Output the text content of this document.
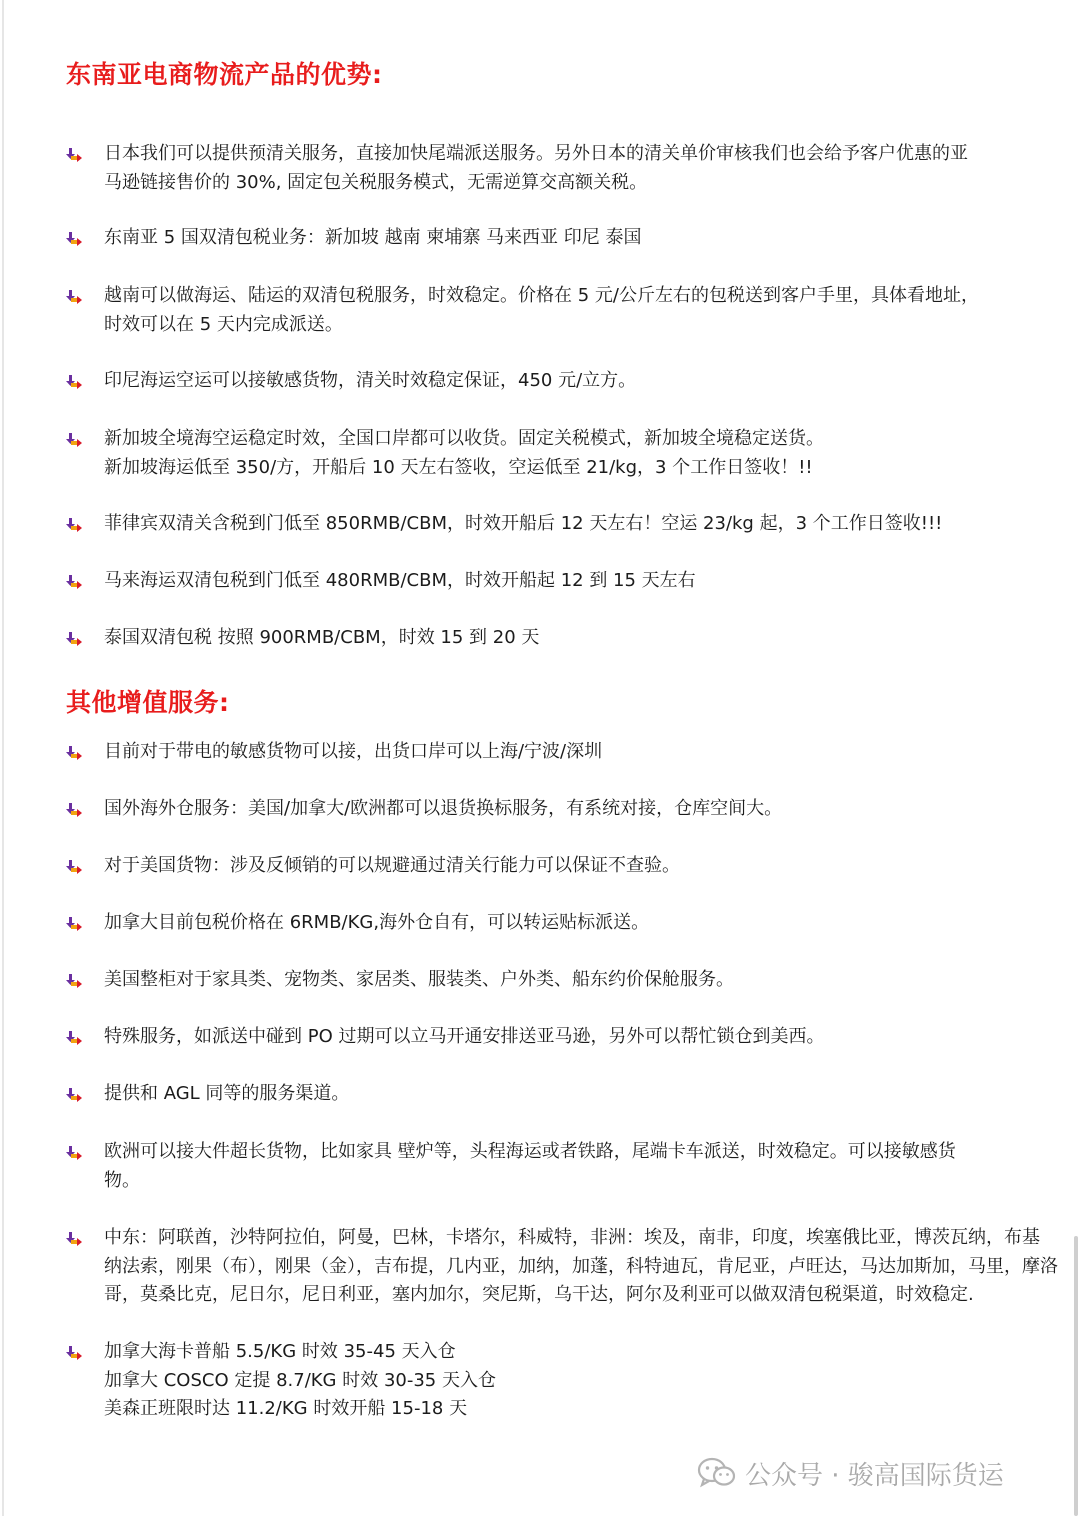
东南亚电商物流产品的优势:
其他增值服务:
日本我们可以提供预清关服务，直接加快尾端派送服务。另外日本的清关单价审核我们也会给予客户优惠的亚
马逊链接售价的 30%, 固定包关税服务模式，无需逆算交高额关税。
东南亚 5 国双清包税业务：新加坡 越南 柬埔寨 马来西亚 印尼 泰国
越南可以做海运、陆运的双清包税服务，时效稳定。价格在 5 元/公斤左右的包税送到客户手里，具体看地址，
时效可以在 5 天内完成派送。
印尼海运空运可以接敏感货物，清关时效稳定保证，450 元/立方。
新加坡全境海空运稳定时效，全国口岸都可以收货。固定关税模式，新加坡全境稳定送货。
新加坡海运低至 350/方，开船后 10 天左右签收，空运低至 21/kg，3 个工作日签收！!!
菲律宾双清关含税到门低至 850RMB/CBM，时效开船后 12 天左右！空运 23/kg 起，3 个工作日签收!!!
马来海运双清包税到门低至 480RMB/CBM，时效开船起 12 到 15 天左右
泰国双清包税 按照 900RMB/CBM，时效 15 到 20 天
目前对于带电的敏感货物可以接，出货口岸可以上海/宁波/深圳
国外海外仓服务：美国/加拿大/欧洲都可以退货换标服务，有系统对接，仓库空间大。
对于美国货物：涉及反倾销的可以规避通过清关行能力可以保证不查验。
加拿大目前包税价格在 6RMB/KG,海外仓自有，可以转运贴标派送。
美国整柜对于家具类、宠物类、家居类、服装类、户外类、船东约价保舱服务。
特殊服务，如派送中碰到 PO 过期可以立马开通安排送亚马逊，另外可以帮忙锁仓到美西。
提供和 AGL 同等的服务渠道。
欧洲可以接大件超长货物，比如家具 壁炉等，头程海运或者铁路，尾端卡车派送，时效稳定。可以接敏感货
物。
中东：阿联酋，沙特阿拉伯，阿曼，巴林，卡塔尔，科威特，非洲：埃及，南非，印度，埃塞俄比亚，博茨瓦纳，布基
纳法索，刚果（布），刚果（金），吉布提，几内亚，加纳，加蓬，科特迪瓦，肯尼亚，卢旺达，马达加斯加，马里，摩洛
哥，莫桑比克，尼日尔，尼日利亚，塞内加尔，突尼斯，乌干达，阿尔及利亚可以做双清包税渠道，时效稳定.
加拿大海卡普船 5.5/KG 时效 35-45 天入仓
加拿大 COSCO 定提 8.7/KG 时效 30-35 天入仓
美森正班限时达 11.2/KG 时效开船 15-18 天
公众号 · 骏高国际货运
